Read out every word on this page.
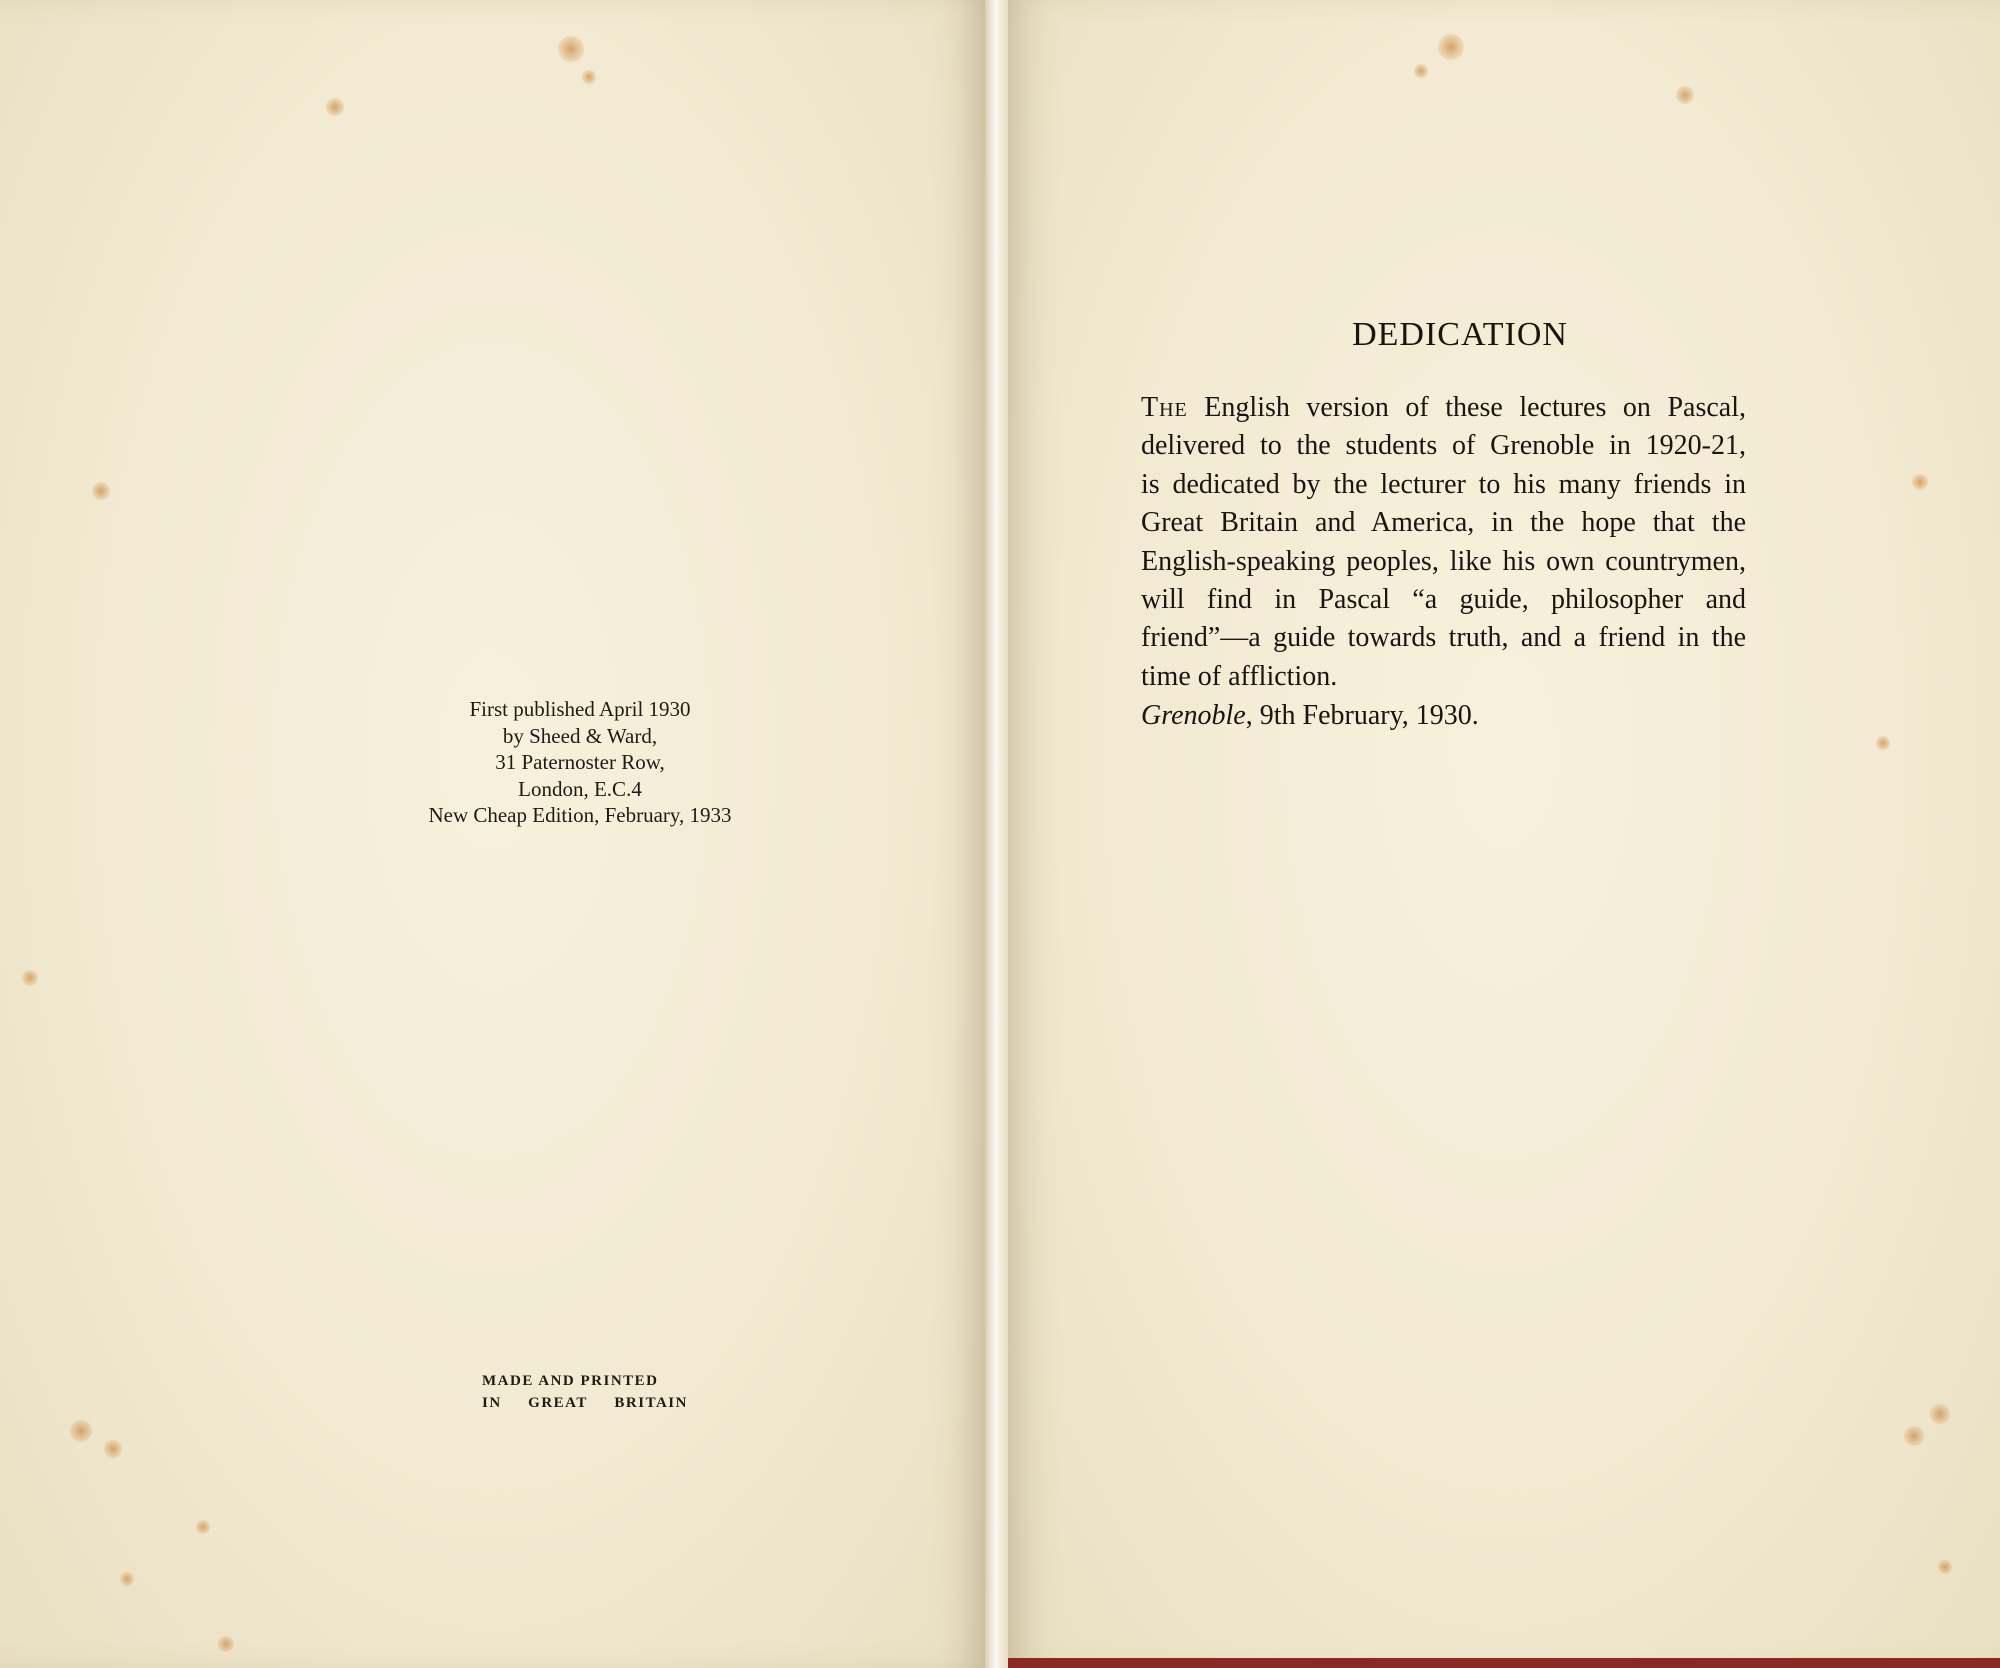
First published April 1930
by Sheed & Ward,
31 Paternoster Row,
London, E.C.4
New Cheap Edition, February, 1933
MADE AND PRINTED
IN GREAT BRITAIN
DEDICATION
The English version of these lectures on Pascal,
delivered to the students of Grenoble in 1920-21,
is dedicated by the lecturer to his many friends in
Great Britain and America, in the hope that the
English-speaking peoples, like his own countrymen,
will find in Pascal “a guide, philosopher and
friend”—a guide towards truth, and a friend in the
time of affliction.
Grenoble, 9th February, 1930.
